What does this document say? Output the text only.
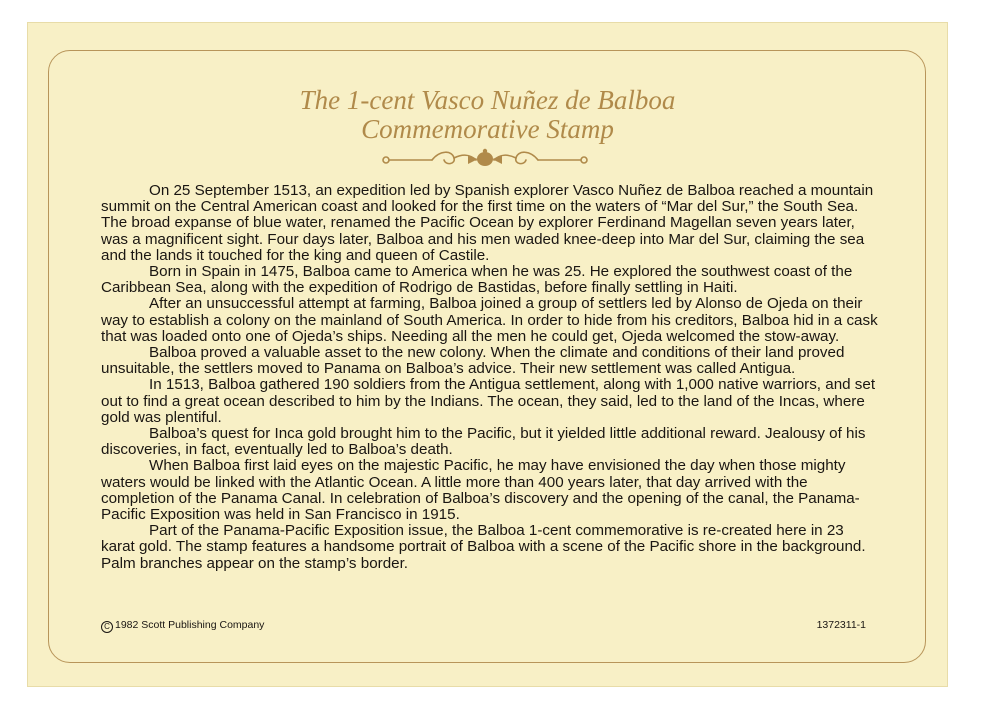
The 1-cent Vasco Nuñez de Balboa
Commemorative Stamp

On 25 September 1513, an expedition led by Spanish explorer Vasco Nuñez de Balboa reached a mountain summit on the Central American coast and looked for the first time on the waters of “Mar del Sur,” the South Sea. The broad expanse of blue water, renamed the Pacific Ocean by explorer Ferdinand Magellan seven years later, was a magnificent sight. Four days later, Balboa and his men waded knee-deep into Mar del Sur, claiming the sea and the lands it touched for the king and queen of Castile.

Born in Spain in 1475, Balboa came to America when he was 25. He explored the southwest coast of the Caribbean Sea, along with the expedition of Rodrigo de Bastidas, before finally settling in Haiti.

After an unsuccessful attempt at farming, Balboa joined a group of settlers led by Alonso de Ojeda on their way to establish a colony on the mainland of South America. In order to hide from his creditors, Balboa hid in a cask that was loaded onto one of Ojeda’s ships. Needing all the men he could get, Ojeda welcomed the stow-away.

Balboa proved a valuable asset to the new colony. When the climate and conditions of their land proved unsuitable, the settlers moved to Panama on Balboa’s advice. Their new settlement was called Antigua.

In 1513, Balboa gathered 190 soldiers from the Antigua settlement, along with 1,000 native warriors, and set out to find a great ocean described to him by the Indians. The ocean, they said, led to the land of the Incas, where gold was plentiful.

Balboa’s quest for Inca gold brought him to the Pacific, but it yielded little additional reward. Jealousy of his discoveries, in fact, eventually led to Balboa’s death.

When Balboa first laid eyes on the majestic Pacific, he may have envisioned the day when those mighty waters would be linked with the Atlantic Ocean. A little more than 400 years later, that day arrived with the completion of the Panama Canal. In celebration of Balboa’s discovery and the opening of the canal, the Panama-Pacific Exposition was held in San Francisco in 1915.

Part of the Panama-Pacific Exposition issue, the Balboa 1-cent commemorative is re-created here in 23 karat gold. The stamp features a handsome portrait of Balboa with a scene of the Pacific shore in the background. Palm branches appear on the stamp’s border.

C 1982 Scott Publishing Company	1372311-1
